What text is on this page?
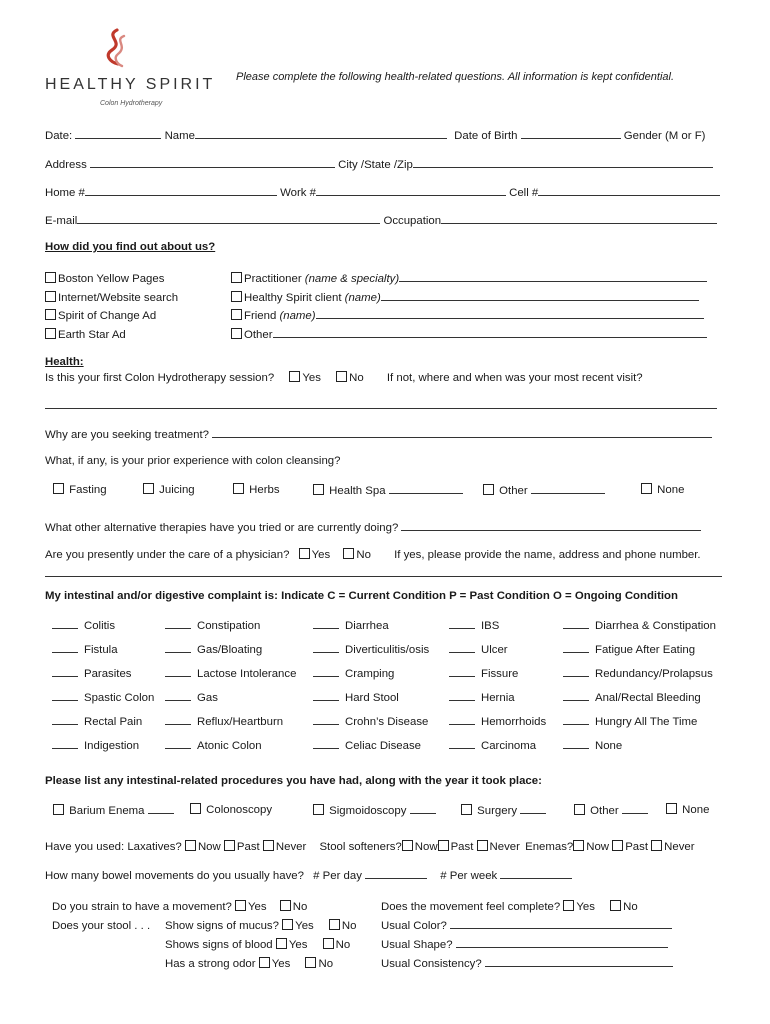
HEALTHY SPIRIT
Colon Hydrotherapy
Please complete the following health-related questions. All information is kept confidential.
Date:	Name	Date of Birth	Gender (M or F)
Address	City /State /Zip
Home #	Work #	Cell #
E-mail	Occupation
How did you find out about us?
Boston Yellow Pages
Internet/Website search
Spirit of Change Ad
Earth Star Ad
Practitioner (name & specialty)
Healthy Spirit client (name)
Friend (name)
Other
Health:
Is this your first Colon Hydrotherapy session? Yes No If not, where and when was your most recent visit?
Why are you seeking treatment?
What, if any, is your prior experience with colon cleansing?
Fasting	Juicing	Herbs	Health Spa	Other	None
What other alternative therapies have you tried or are currently doing?
Are you presently under the care of a physician? Yes No If yes, please provide the name, address and phone number.
My intestinal and/or digestive complaint is: Indicate C = Current Condition P = Past Condition O = Ongoing Condition
Colitis	Constipation	Diarrhea	IBS	Diarrhea & Constipation
Fistula	Gas/Bloating	Diverticulitis/osis	Ulcer	Fatigue After Eating
Parasites	Lactose Intolerance	Cramping	Fissure	Redundancy/Prolapsus
Spastic Colon	Gas	Hard Stool	Hernia	Anal/Rectal Bleeding
Rectal Pain	Reflux/Heartburn	Crohn’s Disease	Hemorrhoids	Hungry All The Time
Indigestion	Atonic Colon	Celiac Disease	Carcinoma	None
Please list any intestinal-related procedures you have had, along with the year it took place:
Barium Enema	Colonoscopy	Sigmoidoscopy	Surgery	Other	None
Have you used: Laxatives? Now Past Never Stool softeners? Now Past Never Enemas? Now Past Never
How many bowel movements do you usually have? # Per day	# Per week
Do you strain to have a movement? Yes No
Does your stool . . . Show signs of mucus? Yes No
Shows signs of blood Yes No
Has a strong odor Yes No
Does the movement feel complete? Yes No
Usual Color?
Usual Shape?
Usual Consistency?
